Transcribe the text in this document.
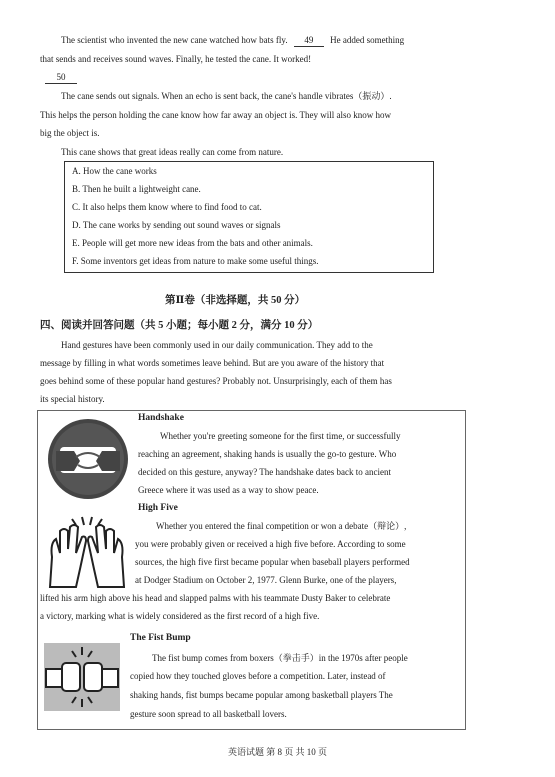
The scientist who invented the new cane watched how bats fly. 49 He added something
that sends and receives sound waves. Finally, he tested the cane. It worked!
50
The cane sends out signals. When an echo is sent back, the cane's handle vibrates（振动）.
This helps the person holding the cane know how far away an object is. They will also know how
big the object is.
This cane shows that great ideas really can come from nature.
A. How the cane works
B. Then he built a lightweight cane.
C. It also helps them know where to find food to cat.
D. The cane works by sending out sound waves or signals
E. People will get more new ideas from the bats and other animals.
F. Some inventors get ideas from nature to make some useful things.
第Ⅱ卷（非选择题，共 50 分）
四、阅读并回答问题（共 5 小题；每小题 2 分，满分 10 分）
Hand gestures have been commonly used in our daily communication. They add to the
message by filling in what words sometimes leave behind. But are you aware of the history that
goes behind some of these popular hand gestures? Probably not. Unsurprisingly, each of them has
its special history.
Handshake
Whether you're greeting someone for the first time, or successfully
reaching an agreement, shaking hands is usually the go-to gesture. Who
decided on this gesture, anyway? The handshake dates back to ancient
Greece where it was used as a way to show peace.
High Five
Whether you entered the final competition or won a debate（辩论）,
you were probably given or received a high five before. According to some
sources, the high five first became popular when baseball players performed
at Dodger Stadium on October 2, 1977. Glenn Burke, one of the players,
lifted his arm high above his head and slapped palms with his teammate Dusty Baker to celebrate
a victory, marking what is widely considered as the first record of a high five.
The Fist Bump
The fist bump comes from boxers（拳击手）in the 1970s after people
copied how they touched gloves before a competition. Later, instead of
shaking hands, fist bumps became popular among basketball players The
gesture soon spread to all basketball lovers.
英语试题 第 8 页 共 10 页
